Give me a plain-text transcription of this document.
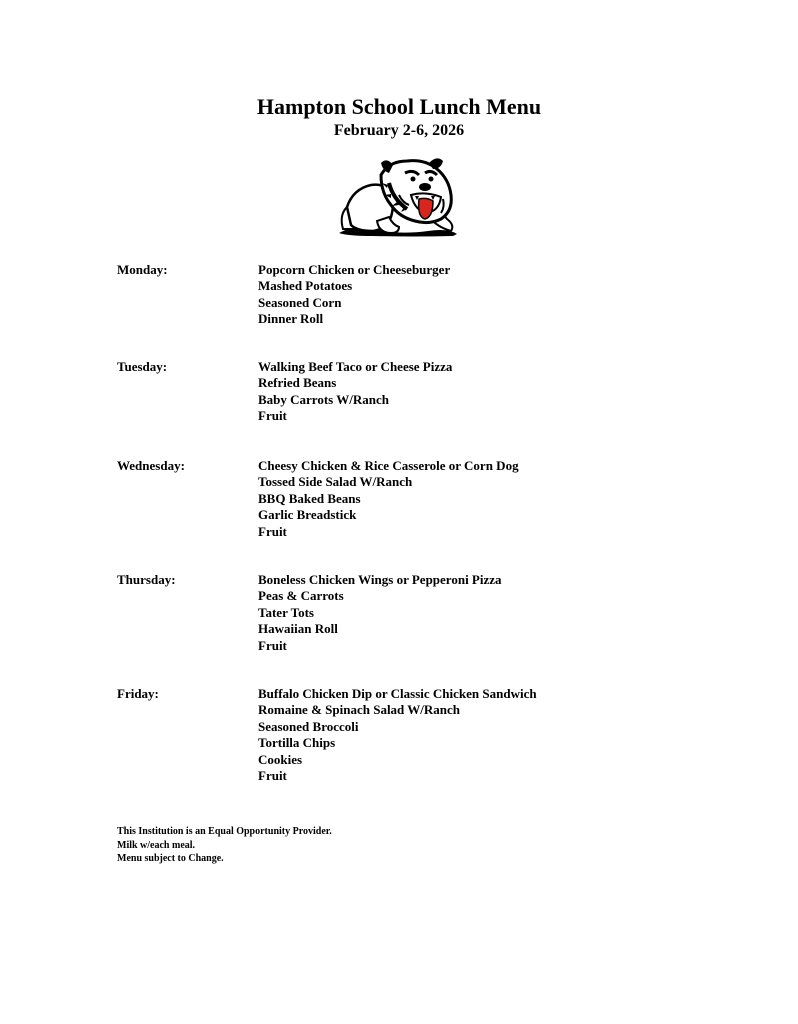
Hampton School Lunch Menu
February 2-6, 2026
Monday:	Popcorn Chicken or Cheeseburger
Mashed Potatoes
Seasoned Corn
Dinner Roll
Tuesday:	Walking Beef Taco or Cheese Pizza
Refried Beans
Baby Carrots W/Ranch
Fruit
Wednesday:	Cheesy Chicken & Rice Casserole or Corn Dog
Tossed Side Salad W/Ranch
BBQ Baked Beans
Garlic Breadstick
Fruit
Thursday:	Boneless Chicken Wings or Pepperoni Pizza
Peas & Carrots
Tater Tots
Hawaiian Roll
Fruit
Friday:	Buffalo Chicken Dip or Classic Chicken Sandwich
Romaine & Spinach Salad W/Ranch
Seasoned Broccoli
Tortilla Chips
Cookies
Fruit
This Institution is an Equal Opportunity Provider.
Milk w/each meal.
Menu subject to Change.
